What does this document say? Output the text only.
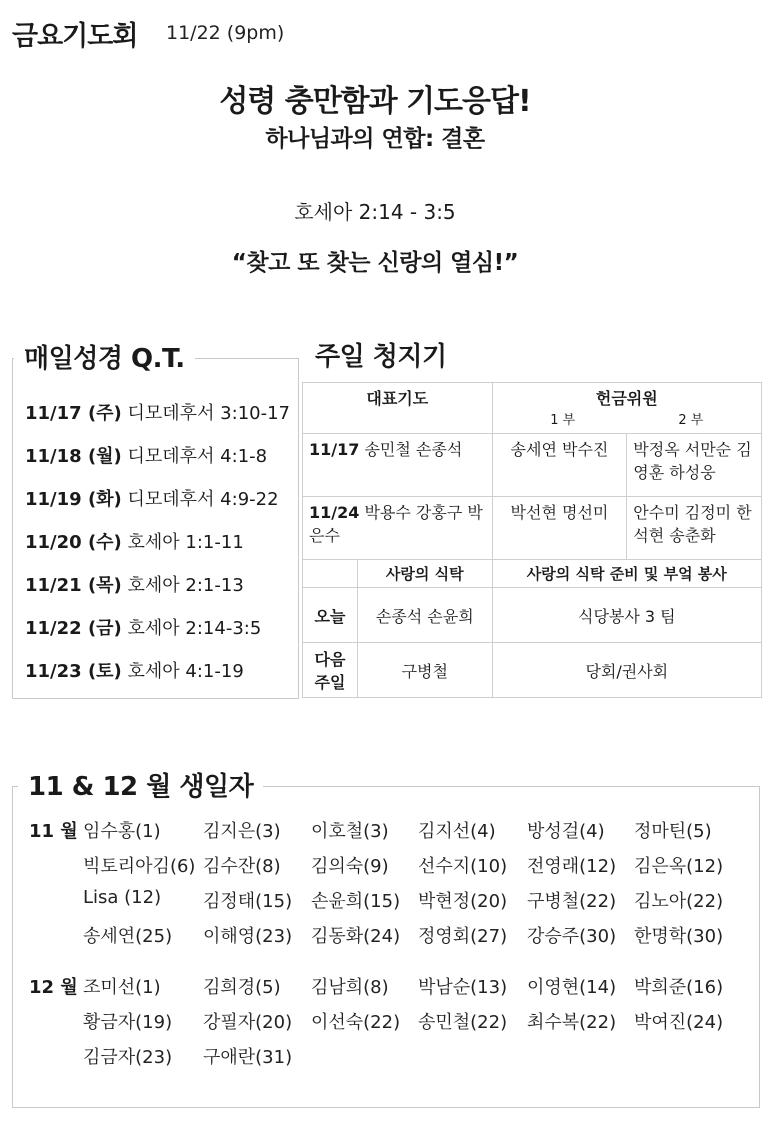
금요기도회 11/22 (9pm)
성령 충만함과 기도응답!
하나님과의 연합: 결혼
호세아 2:14 - 3:5
“찾고 또 찾는 신랑의 열심!”
11/17 (주) 디모데후서 3:10-17
11/18 (월) 디모데후서 4:1-8
11/19 (화) 디모데후서 4:9-22
11/20 (수) 호세아 1:1-11
11/21 (목) 호세아 2:1-13
11/22 (금) 호세아 2:14-3:5
11/23 (토) 호세아 4:1-19
매일성경 Q.T.	주일 청지기
대표기도		헌금위원
1 부 2 부	

11/17 송민철 손종석		송세연 박수진	박정옥 서만순 김영훈 하성웅
11/24 박용수 강홍구 박은수		박선현 명선미	안수미 김정미 한석현 송춘화
	사랑의 식탁	사랑의 식탁 준비 및 부엌 봉사	
오늘	손종석 손윤희	식당봉사 3 팀	
다음 주일	구병철	당회/권사회	
11 월
12 월
임수홍(1) 김지은(3) 이호철(3) 김지선(4) 방성걸(4) 정마틴(5)
빅토리아김(6) 김수잔(8) 김의숙(9) 선수지(10) 전영래(12) 김은옥(12)
Lisa (12) 김정태(15) 손윤희(15) 박현정(20) 구병철(22) 김노아(22)
송세연(25) 이해영(23) 김동화(24) 정영회(27) 강승주(30) 한명학(30)
조미선(1) 김희경(5) 김남희(8) 박남순(13) 이영현(14) 박희준(16)
황금자(19) 강필자(20) 이선숙(22) 송민철(22) 최수복(22) 박여진(24)
김금자(23) 구애란(31)
11 & 12 월 생일자
